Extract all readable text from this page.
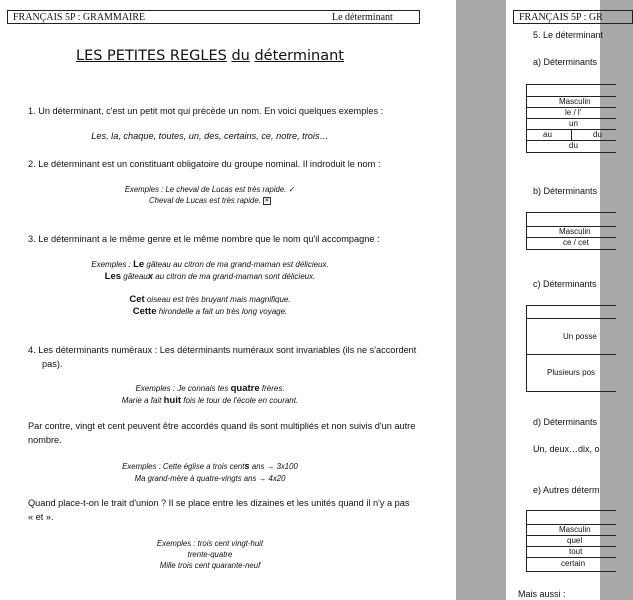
FRANÇAIS 5P : GRAMMAIRE	Le déterminant
LES PETITES REGLES du déterminant
1. Un déterminant, c'est un petit mot qui précède un nom. En voici quelques exemples :
Les, la, chaque, toutes, un, des, certains, ce, notre, trois…
2. Le déterminant est un constituant obligatoire du groupe nominal. Il indroduit le nom :
Exemples : Le cheval de Lucas est très rapide. ✓
Cheval de Lucas est très rapide. ✕
3. Le déterminant a le même genre et le même nombre que le nom qu'il accompagne :
Exemples : Le gâteau au citron de ma grand-maman est délicieux.
Les gâteaux au citron de ma grand-maman sont délicieux.
Cet oiseau est très bruyant mais magnifique.
Cette hirondelle a fait un très long voyage.
4. Les déterminants numéraux : Les déterminants numéraux sont invariables (ils ne s'accordent
pas).
Exemples : Je connais tes quatre frères.
Marie a fait huit fois le tour de l'école en courant.
Par contre, vingt et cent peuvent être accordés quand ils sont multipliés et non suivis d'un autre
nombre.
Exemples : Cette église a trois cents ans → 3x100
Ma grand-mère à quatre-vingts ans → 4x20
Quand place-t-on le trait d'union ? Il se place entre les dizaines et les unités quand il n'y a pas
« et ».
Exemples : trois cent vingt-huit
trente-quatre
Mille trois cent quarante-neuf
FRANÇAIS 5P : GR
5. Le déterminant
a) Déterminants
Masculin
le / l'
un
au	du
du
b) Déterminants
Masculin
ce / cet
c) Déterminants
Un posse
Plusieurs pos
d) Déterminants
Un, deux…dix, o
e) Autres déterm
Masculin
quel
tout
certain
Mais aussi :
